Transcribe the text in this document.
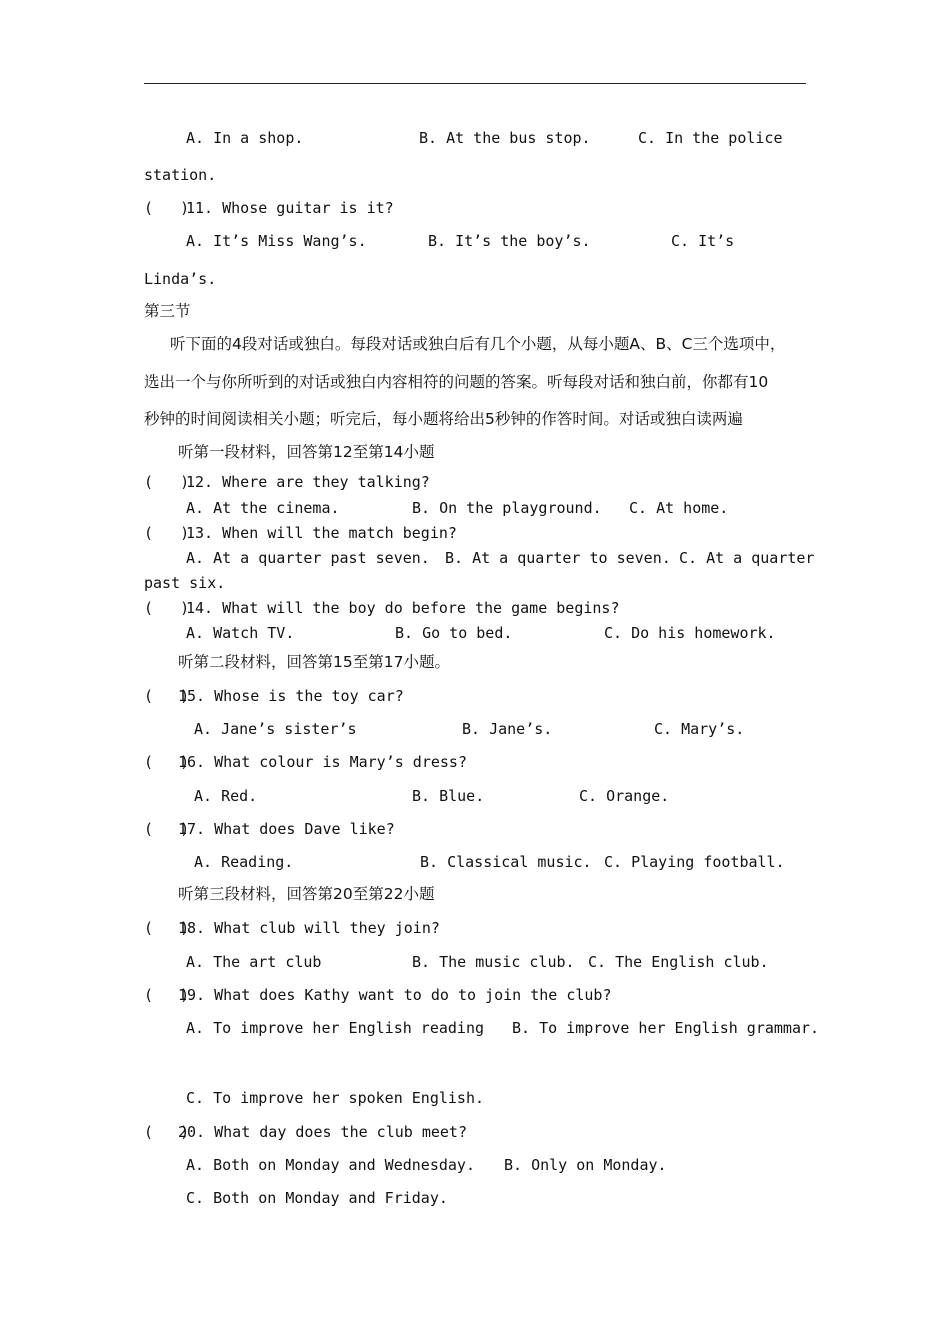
A. In a shop.	B. At the bus stop.	C. In the police
station.
(   )
11. Whose guitar is it?
A. It’s Miss Wang’s.	B. It’s the boy’s.	C. It’s
Linda’s.
第三节
听下面的4段对话或独白。每段对话或独白后有几个小题，从每小题A、B、C三个选项中，
选出一个与你所听到的对话或独白内容相符的问题的答案。听每段对话和独白前，你都有10
秒钟的时间阅读相关小题；听完后，每小题将给出5秒钟的作答时间。对话或独白读两遍
听第一段材料，回答第12至第14小题
(   )
12. Where are they talking?
A. At the cinema.	B. On the playground. C. At home.
(   )
13. When will the match begin?
A. At a quarter past seven. B. At a quarter to seven. C. At a quarter
past six.
(   )
14. What will the boy do before the game begins?
A. Watch TV.	B. Go to bed.	C. Do his homework.
听第二段材料，回答第15至第17小题。
(   )
15. Whose is the toy car?
A. Jane’s sister’s	B. Jane’s.	C. Mary’s.
(   )
16. What colour is Mary’s dress?
A. Red.	B. Blue.	C. Orange.
(   )
17. What does Dave like?
A. Reading.	B. Classical music. C. Playing football.
听第三段材料，回答第20至第22小题
(   )
18. What club will they join?
A. The art club	B. The music club. C. The English club.
(   )
19. What does Kathy want to do to join the club?
A. To improve her English reading B. To improve her English grammar.
C. To improve her spoken English.
(   )
20. What day does the club meet?
A. Both on Monday and Wednesday. B. Only on Monday.
C. Both on Monday and Friday.
